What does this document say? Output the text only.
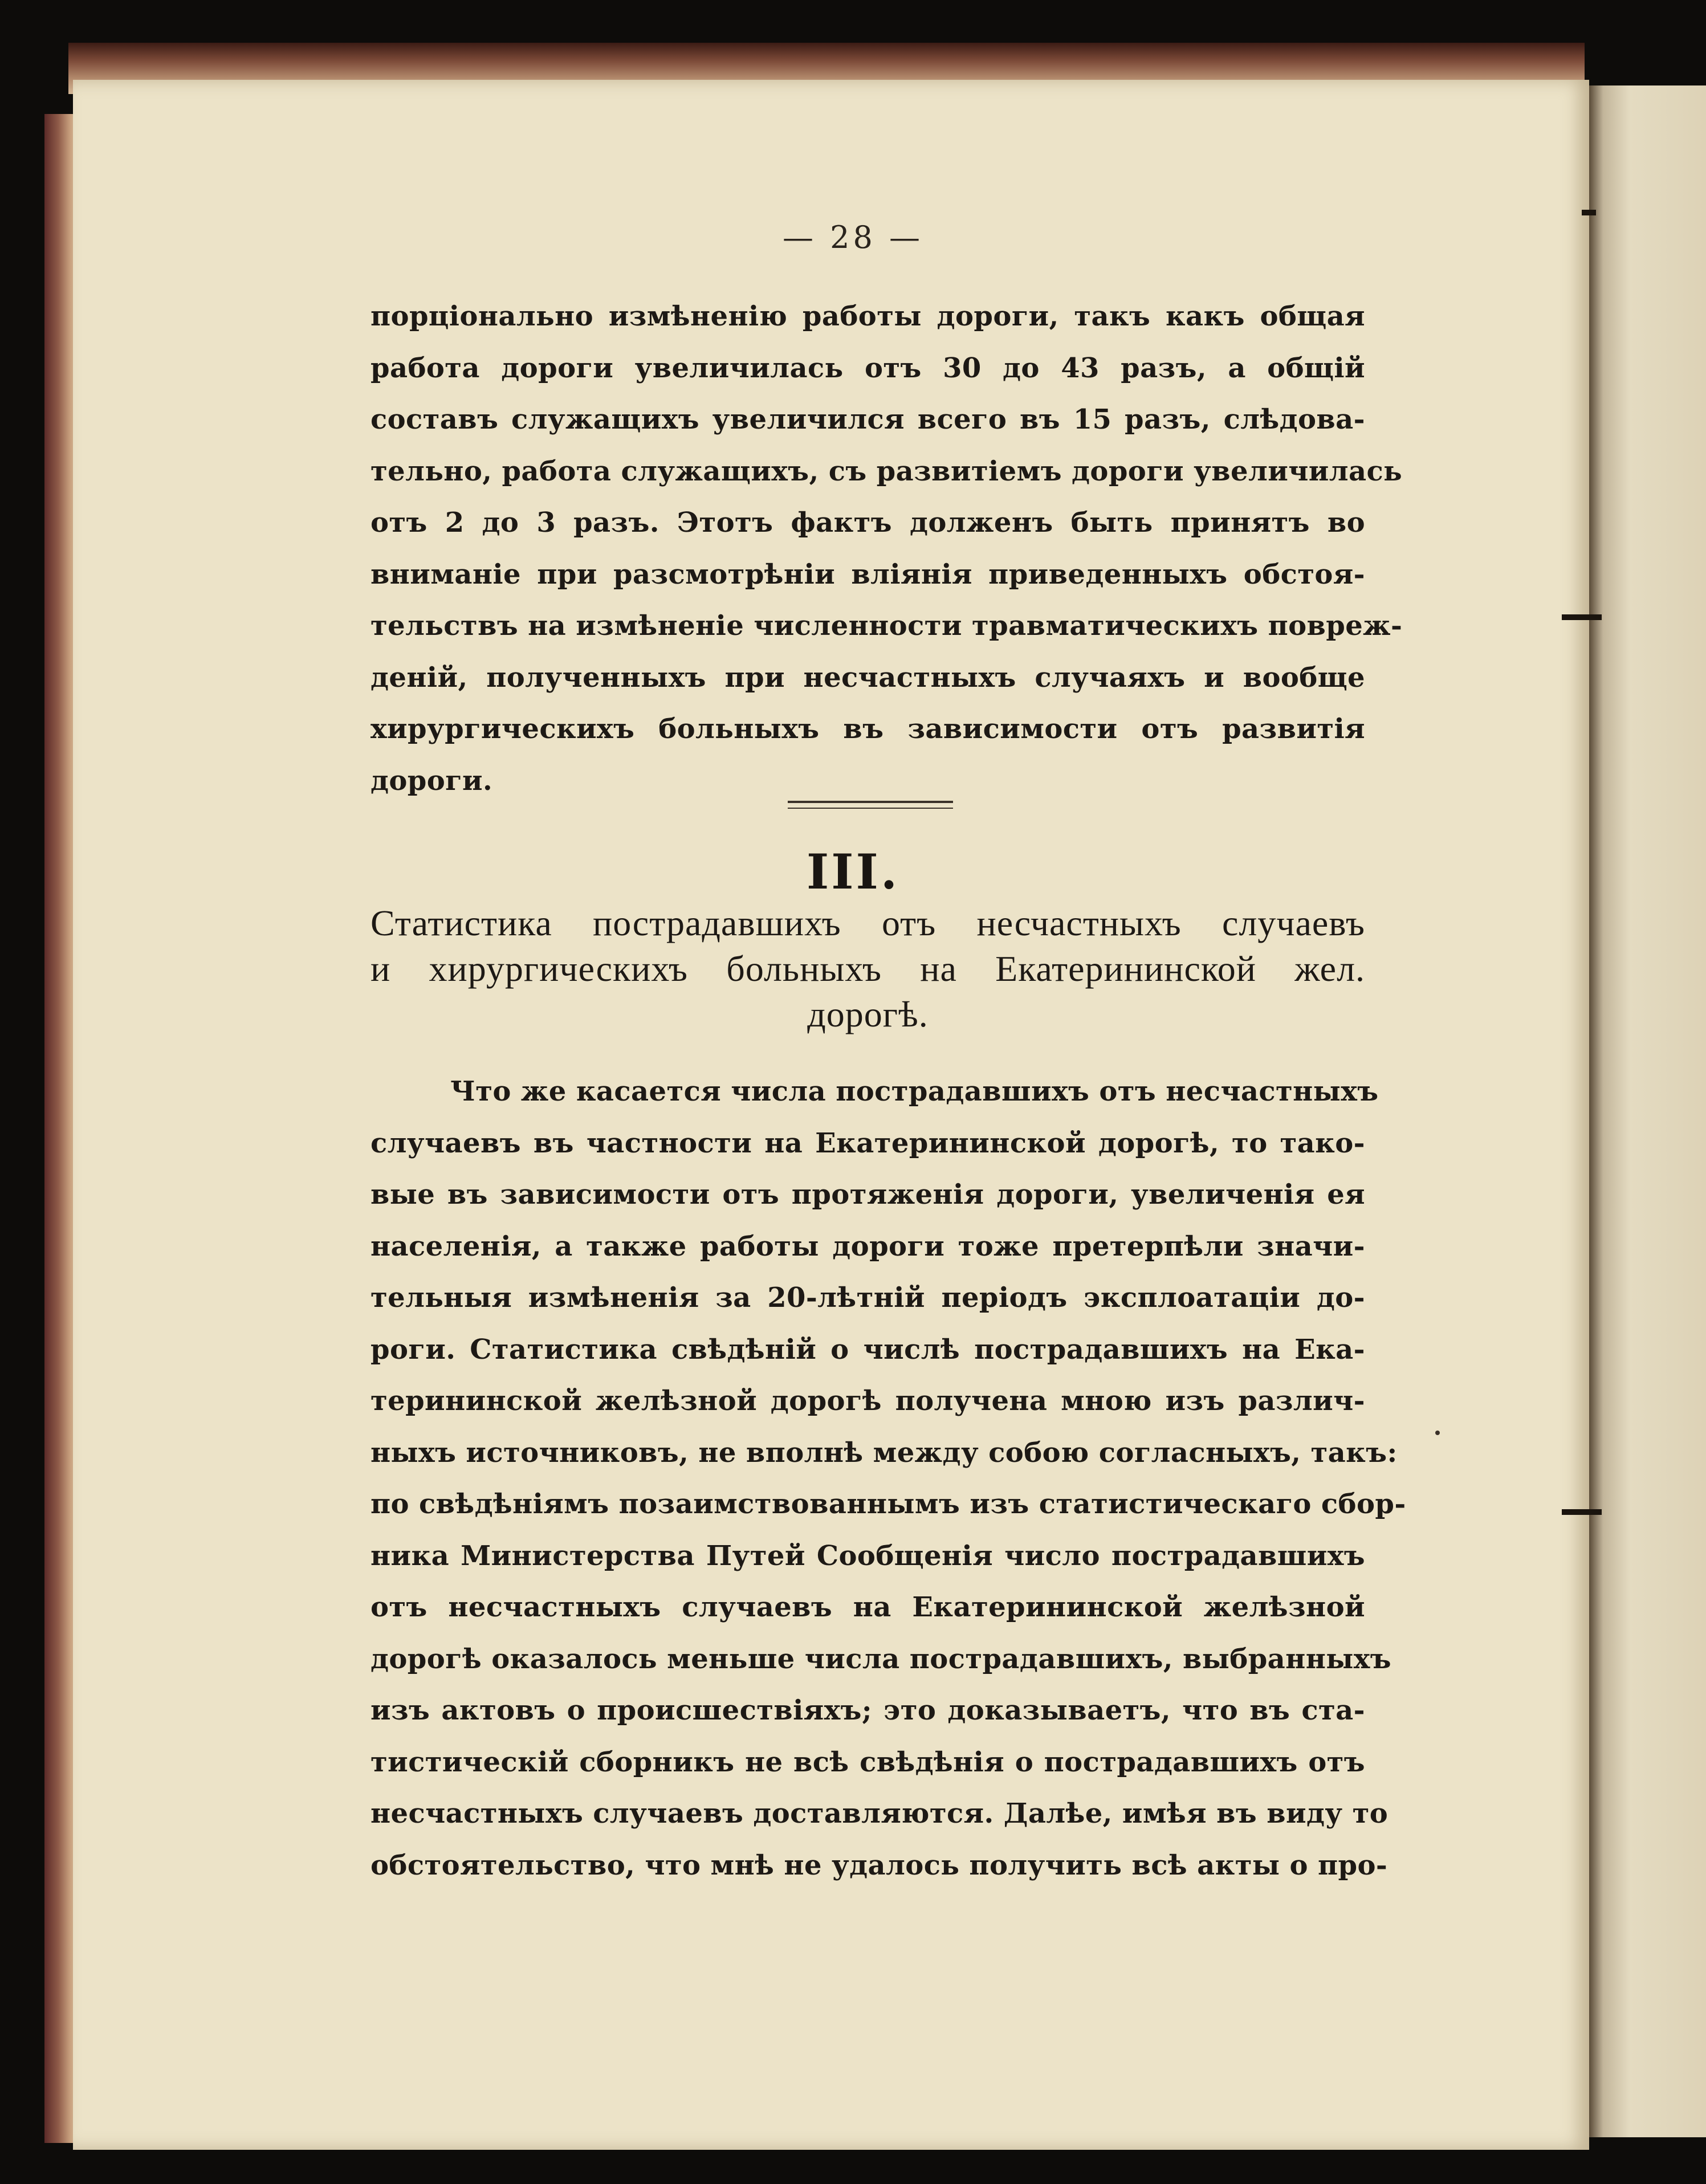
— 28 —
порціонально измѣненію работы дороги, такъ какъ общая
работа дороги увеличилась отъ 30 до 43 разъ, а общій
составъ служащихъ увеличился всего въ 15 разъ, слѣдова-
тельно, работа служащихъ, съ развитіемъ дороги увеличилась
отъ 2 до 3 разъ. Этотъ фактъ долженъ быть принятъ во
вниманіе при разсмотрѣніи вліянія приведенныхъ обстоя-
тельствъ на измѣненіе численности травматическихъ повреж-
деній, полученныхъ при несчастныхъ случаяхъ и вообще
хирургическихъ больныхъ въ зависимости отъ развитія
дороги.
III.
Статистика пострадавшихъ отъ несчастныхъ случаевъ
и хирургическихъ больныхъ на Екатерининской жел.
дорогѣ.
Что же касается числа пострадавшихъ отъ несчастныхъ
случаевъ въ частности на Екатерининской дорогѣ, то тако-
вые въ зависимости отъ протяженія дороги, увеличенія ея
населенія, а также работы дороги тоже претерпѣли значи-
тельныя измѣненія за 20-лѣтній періодъ эксплоатаціи до-
роги. Статистика свѣдѣній о числѣ пострадавшихъ на Ека-
терининской желѣзной дорогѣ получена мною изъ различ-
ныхъ источниковъ, не вполнѣ между собою согласныхъ, такъ:
по свѣдѣніямъ позаимствованнымъ изъ статистическаго сбор-
ника Министерства Путей Сообщенія число пострадавшихъ
отъ несчастныхъ случаевъ на Екатерининской желѣзной
дорогѣ оказалось меньше числа пострадавшихъ, выбранныхъ
изъ актовъ о происшествіяхъ; это доказываетъ, что въ ста-
тистическій сборникъ не всѣ свѣдѣнія о пострадавшихъ отъ
несчастныхъ случаевъ доставляются. Далѣе, имѣя въ виду то
обстоятельство, что мнѣ не удалось получить всѣ акты о про-
